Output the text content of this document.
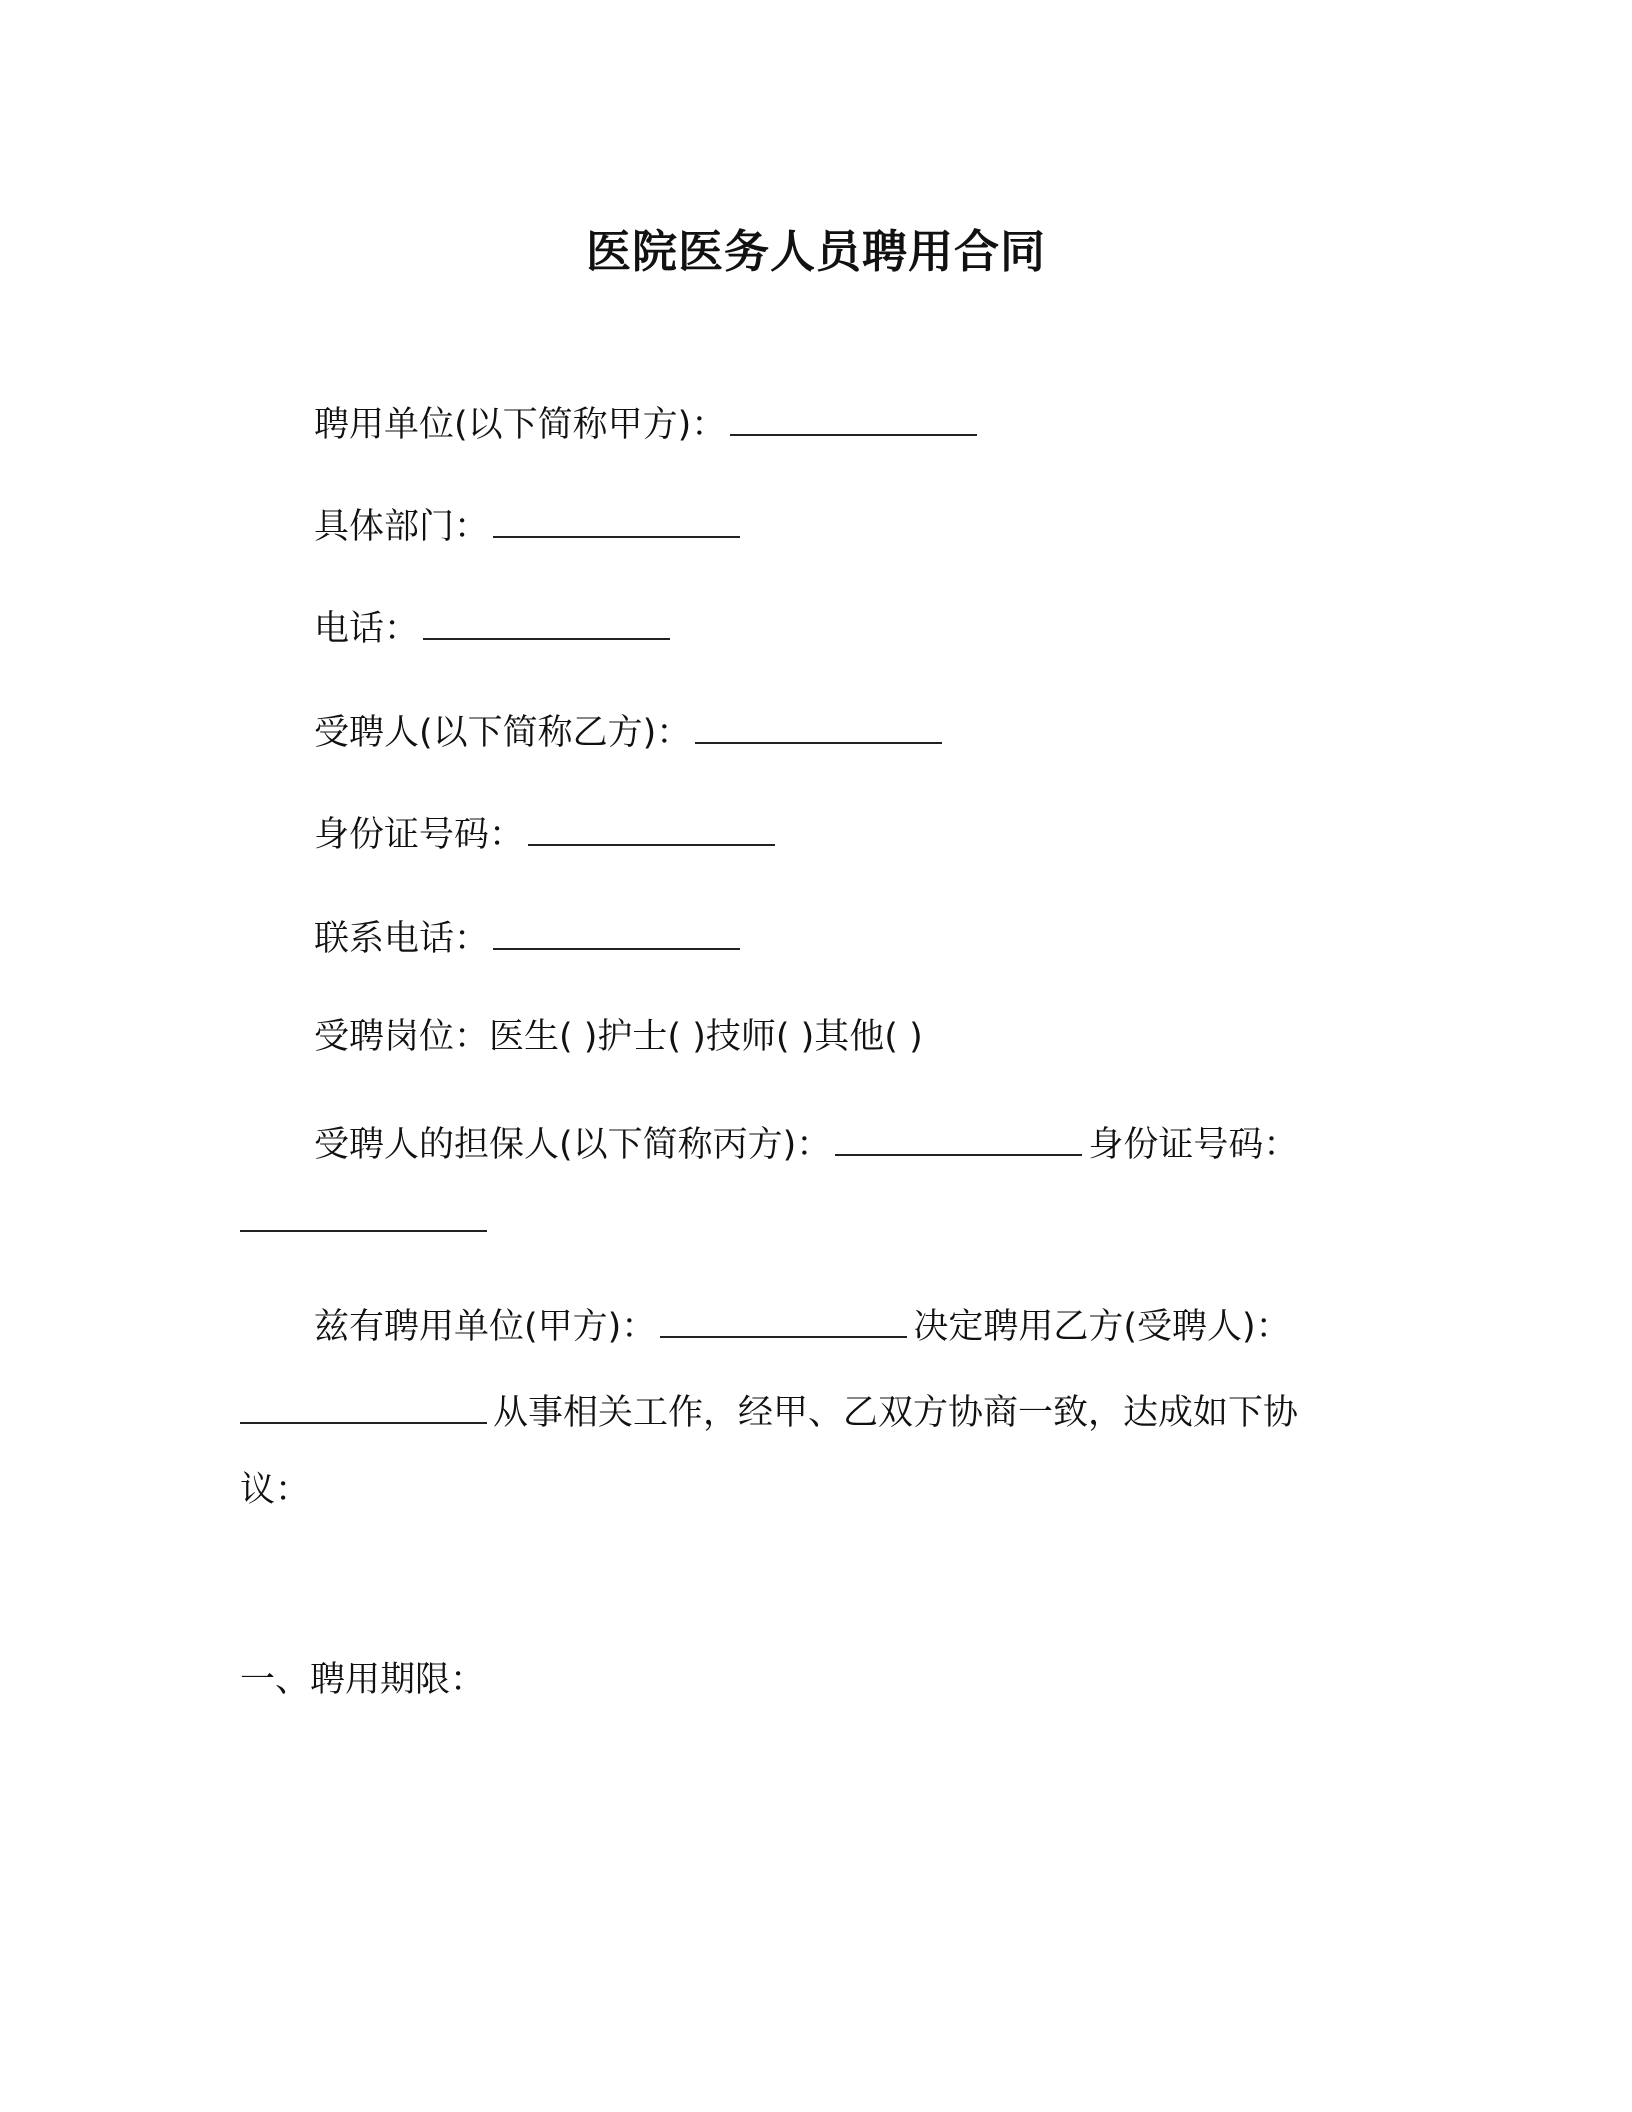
医院医务人员聘用合同
聘用单位(以下简称甲方)：
具体部门：
电话：
受聘人(以下简称乙方)：
身份证号码：
联系电话：
受聘岗位：医生( )护士( )技师( )其他( )
受聘人的担保人(以下简称丙方)：	身份证号码：
兹有聘用单位(甲方)：	决定聘用乙方(受聘人)：
从事相关工作，经甲、乙双方协商一致，达成如下协议：
一、聘用期限：
